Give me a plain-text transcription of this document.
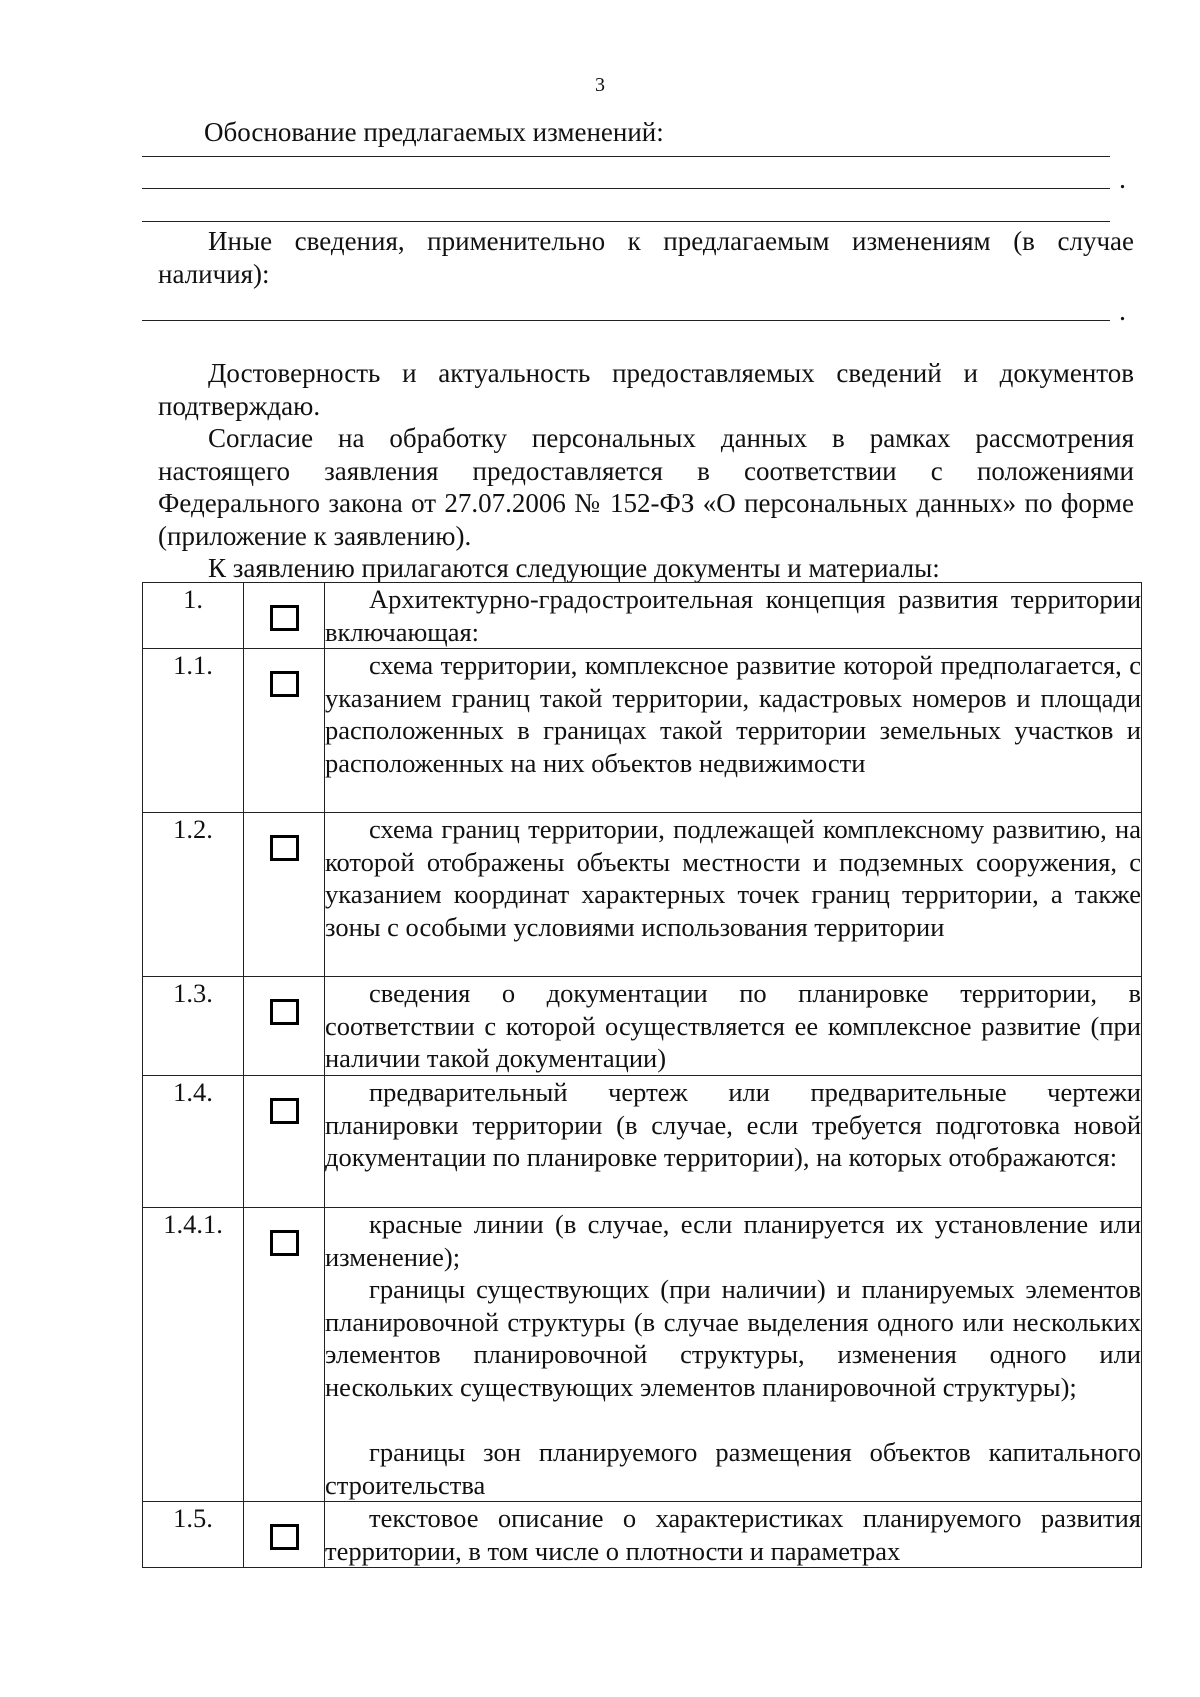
3
Обоснование предлагаемых изменений:
.
Иные сведения, применительно к предлагаемым изменениям (в случае наличия):
.
Достоверность и актуальность предоставляемых сведений и документов подтверждаю.
Согласие на обработку персональных данных в рамках рассмотрения настоящего заявления предоставляется в соответствии с положениями Федерального закона от 27.07.2006 № 152-ФЗ «О персональных данных» по форме (приложение к заявлению).
К заявлению прилагаются следующие документы и материалы:
1.		Архитектурно-градостроительная концепция развития территории включающая:

1.1.		схема территории, комплексное развитие которой предполагается, с указанием границ такой территории, кадастровых номеров и площади расположенных в границах такой территории земельных участков и расположенных на них объектов недвижимости

1.2.		схема границ территории, подлежащей комплексному развитию, на которой отображены объекты местности и подземных сооружения, с указанием координат характерных точек границ территории, а также зоны с особыми условиями использования территории

1.3.		сведения о документации по планировке территории, в соответствии с которой осуществляется ее комплексное развитие (при наличии такой документации)

1.4.		предварительный чертеж или предварительные чертежи планировки территории (в случае, если требуется подготовка новой документации по планировке территории), на которых отображаются:

1.4.1.		красные линии (в случае, если планируется их установление или изменение);

границы существующих (при наличии) и планируемых элементов планировочной структуры (в случае выделения одного или нескольких элементов планировочной структуры, изменения одного или нескольких существующих элементов планировочной структуры);

границы зон планируемого размещения объектов капитального строительства

1.5.		текстовое описание о характеристиках планируемого развития территории, в том числе о плотности и параметрах
